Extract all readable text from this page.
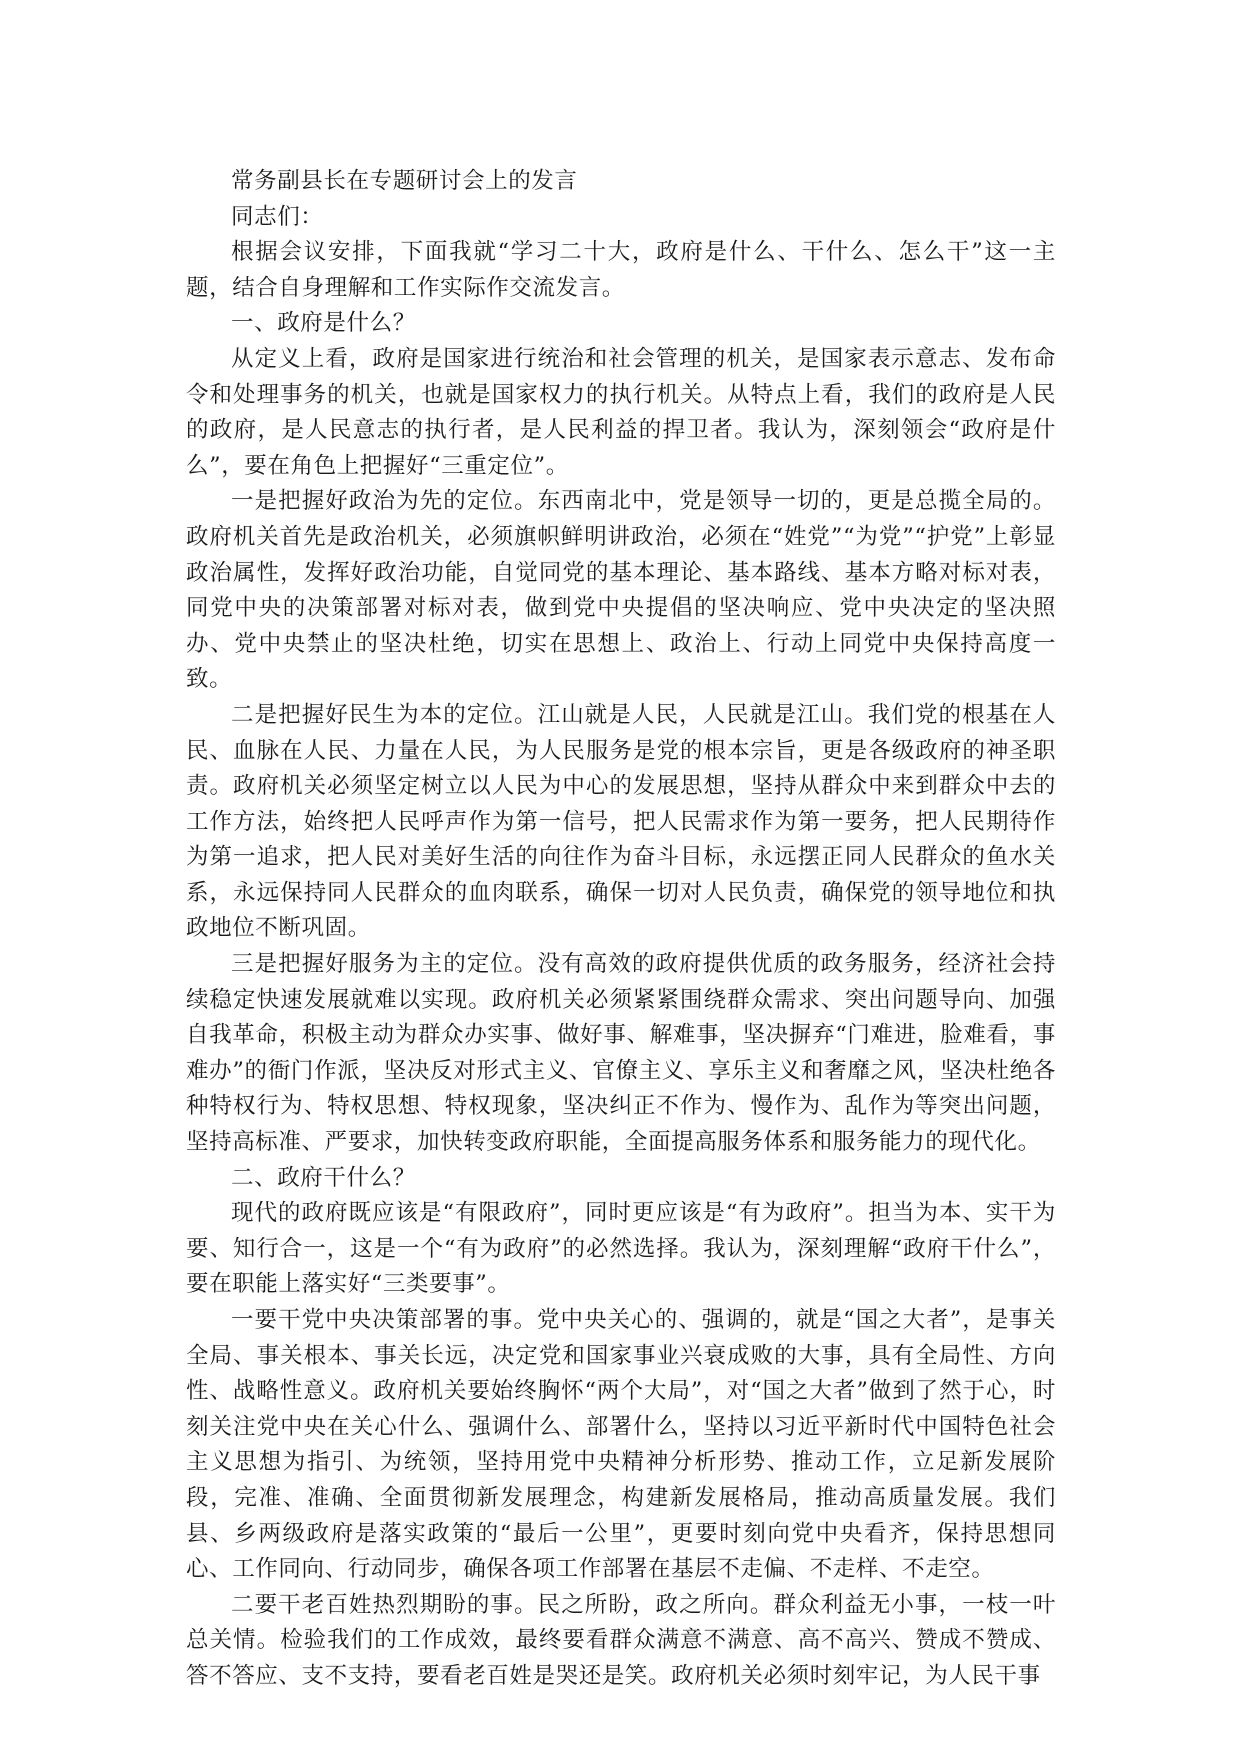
常务副县长在专题研讨会上的发言

同志们：

根据会议安排，下面我就“学习二十大，政府是什么、干什么、怎么干”这一主题，结合自身理解和工作实际作交流发言。

一、政府是什么？

从定义上看，政府是国家进行统治和社会管理的机关，是国家表示意志、发布命令和处理事务的机关，也就是国家权力的执行机关。从特点上看，我们的政府是人民的政府，是人民意志的执行者，是人民利益的捍卫者。我认为，深刻领会“政府是什么”，要在角色上把握好“三重定位”。

一是把握好政治为先的定位。东西南北中，党是领导一切的，更是总揽全局的。政府机关首先是政治机关，必须旗帜鲜明讲政治，必须在“姓党”“为党”“护党”上彰显政治属性，发挥好政治功能，自觉同党的基本理论、基本路线、基本方略对标对表，同党中央的决策部署对标对表，做到党中央提倡的坚决响应、党中央决定的坚决照办、党中央禁止的坚决杜绝，切实在思想上、政治上、行动上同党中央保持高度一致。

二是把握好民生为本的定位。江山就是人民，人民就是江山。我们党的根基在人民、血脉在人民、力量在人民，为人民服务是党的根本宗旨，更是各级政府的神圣职责。政府机关必须坚定树立以人民为中心的发展思想，坚持从群众中来到群众中去的工作方法，始终把人民呼声作为第一信号，把人民需求作为第一要务，把人民期待作为第一追求，把人民对美好生活的向往作为奋斗目标，永远摆正同人民群众的鱼水关系，永远保持同人民群众的血肉联系，确保一切对人民负责，确保党的领导地位和执政地位不断巩固。

三是把握好服务为主的定位。没有高效的政府提供优质的政务服务，经济社会持续稳定快速发展就难以实现。政府机关必须紧紧围绕群众需求、突出问题导向、加强自我革命，积极主动为群众办实事、做好事、解难事，坚决摒弃“门难进，脸难看，事难办”的衙门作派，坚决反对形式主义、官僚主义、享乐主义和奢靡之风，坚决杜绝各种特权行为、特权思想、特权现象，坚决纠正不作为、慢作为、乱作为等突出问题，坚持高标准、严要求，加快转变政府职能，全面提高服务体系和服务能力的现代化。

二、政府干什么？

现代的政府既应该是“有限政府”，同时更应该是“有为政府”。担当为本、实干为要、知行合一，这是一个“有为政府”的必然选择。我认为，深刻理解“政府干什么”，要在职能上落实好“三类要事”。

一要干党中央决策部署的事。党中央关心的、强调的，就是“国之大者”，是事关全局、事关根本、事关长远，决定党和国家事业兴衰成败的大事，具有全局性、方向性、战略性意义。政府机关要始终胸怀“两个大局”，对“国之大者”做到了然于心，时刻关注党中央在关心什么、强调什么、部署什么，坚持以习近平新时代中国特色社会主义思想为指引、为统领，坚持用党中央精神分析形势、推动工作，立足新发展阶段，完准、准确、全面贯彻新发展理念，构建新发展格局，推动高质量发展。我们县、乡两级政府是落实政策的“最后一公里”，更要时刻向党中央看齐，保持思想同心、工作同向、行动同步，确保各项工作部署在基层不走偏、不走样、不走空。

二要干老百姓热烈期盼的事。民之所盼，政之所向。群众利益无小事，一枝一叶总关情。检验我们的工作成效，最终要看群众满意不满意、高不高兴、赞成不赞成、答不答应、支不支持，要看老百姓是哭还是笑。政府机关必须时刻牢记，为人民干事
